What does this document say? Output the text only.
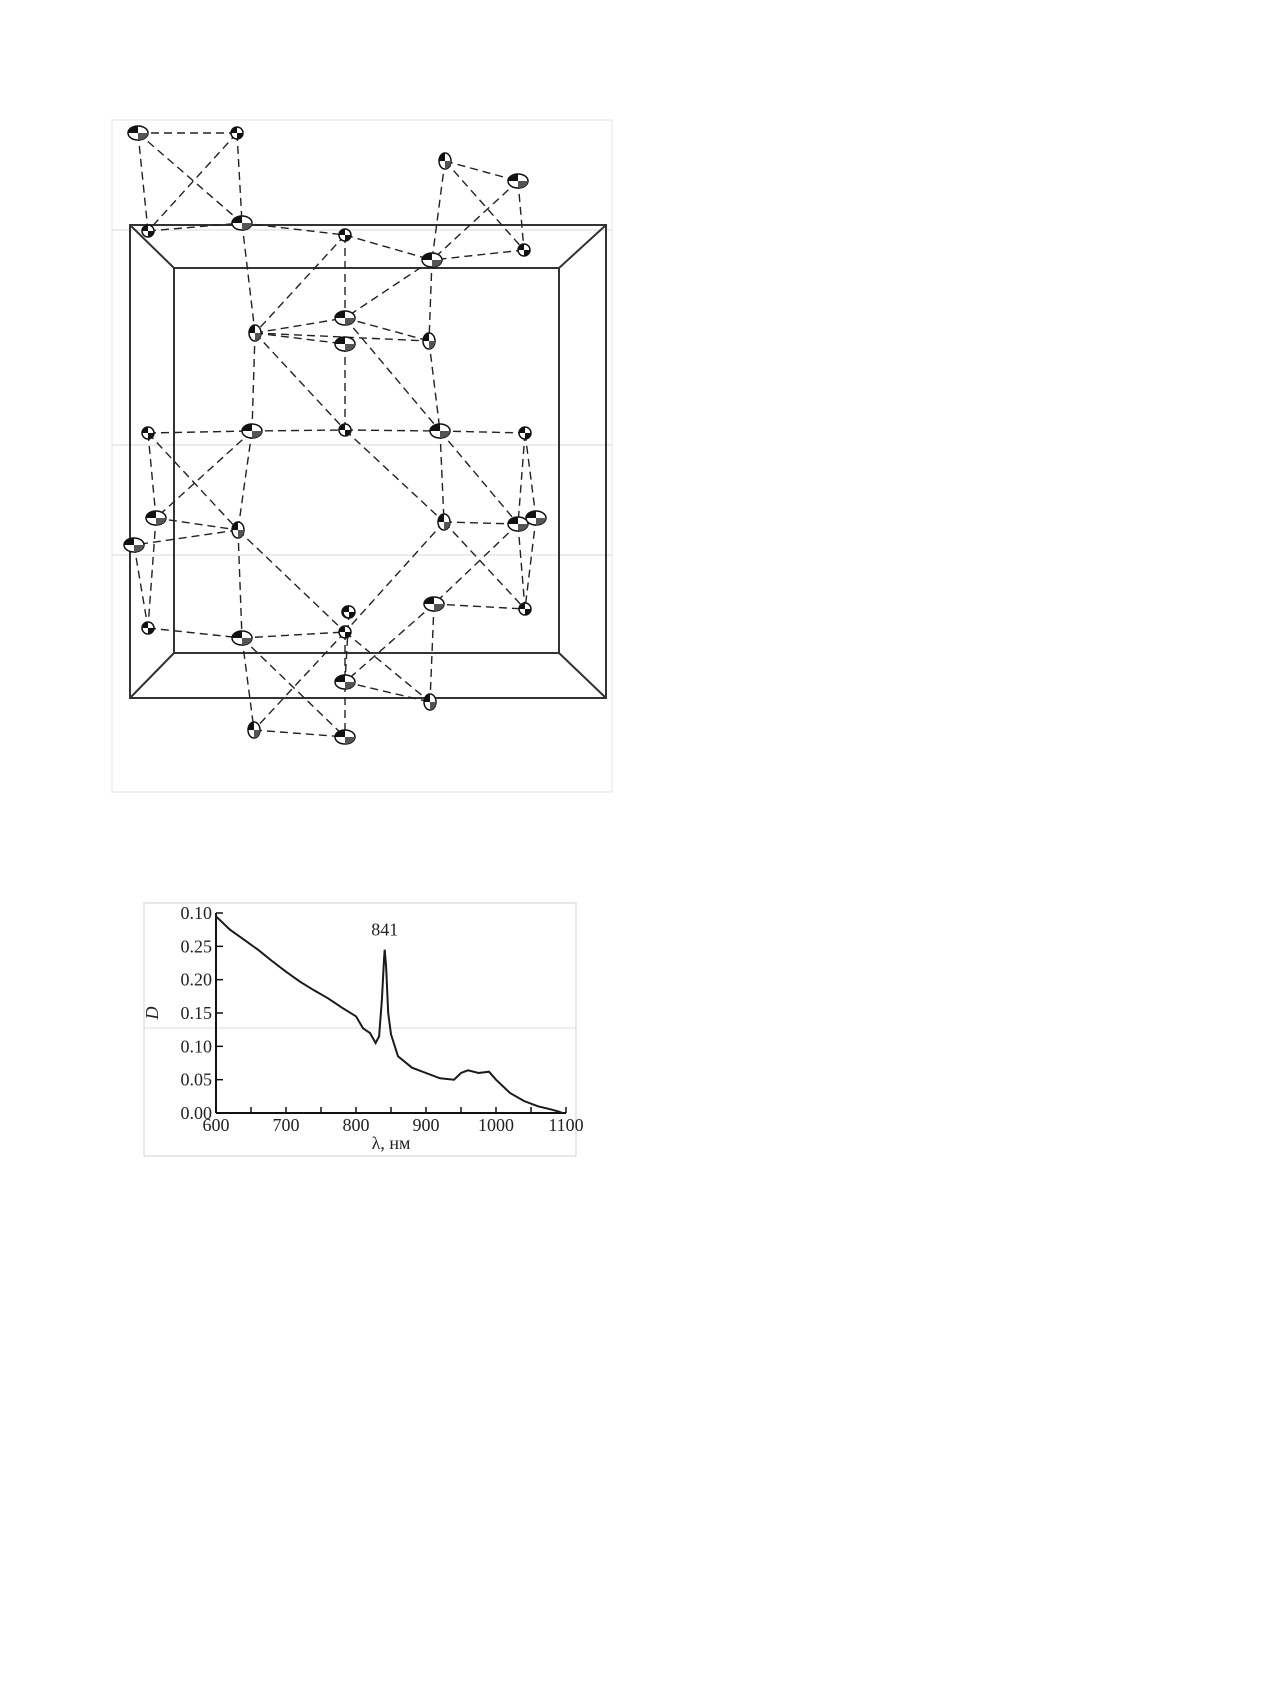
600 700 800 900 1000 1100
0.00
0.05
0.10
0.15
0.20
0.25
0.10
841
λ, нм
D
